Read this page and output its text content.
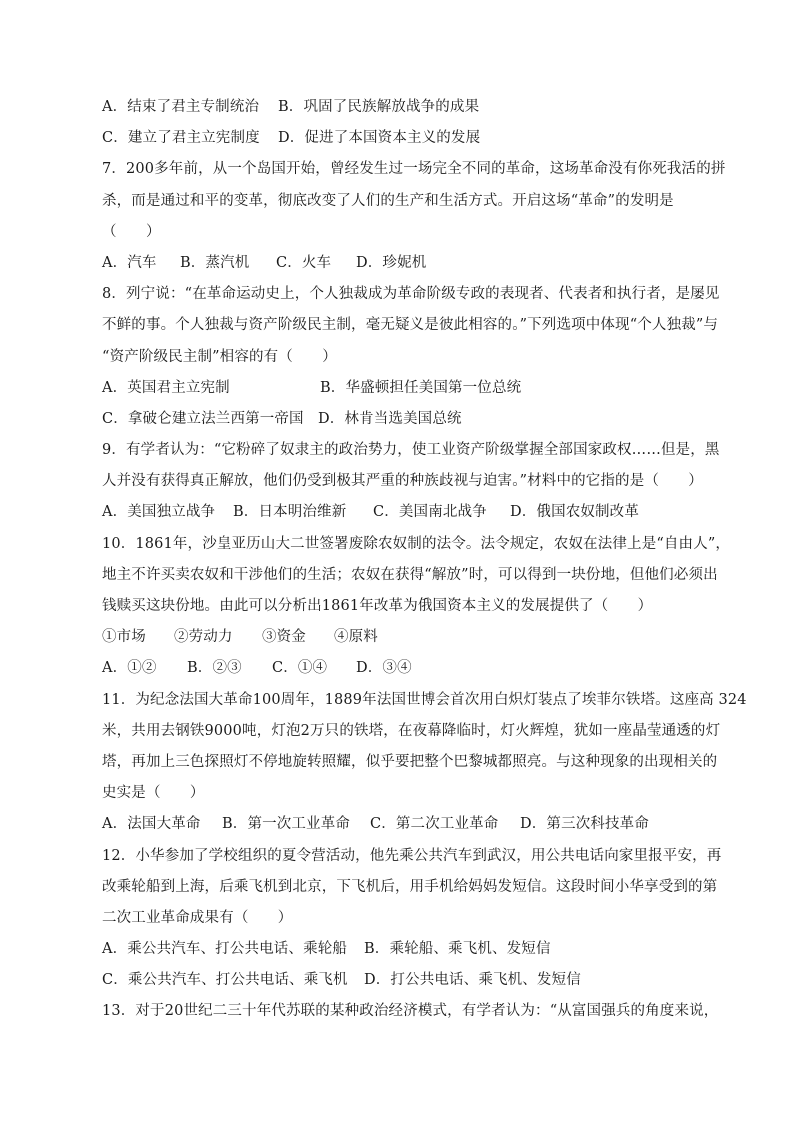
A．结束了君主专制统治	B．巩固了民族解放战争的成果
C．建立了君主立宪制度	D．促进了本国资本主义的发展
7．200多年前，从一个岛国开始，曾经发生过一场完全不同的革命，这场革命没有你死我活的拼
杀，而是通过和平的变革，彻底改变了人们的生产和生活方式。开启这场“革命”的发明是
（　　）
A．汽车	B．蒸汽机	C．火车	D．珍妮机
8．列宁说：“在革命运动史上，个人独裁成为革命阶级专政的表现者、代表者和执行者，是屡见
不鲜的事。个人独裁与资产阶级民主制，毫无疑义是彼此相容的。”下列选项中体现“个人独裁”与
“资产阶级民主制”相容的有（　　）
A．英国君主立宪制	B．华盛顿担任美国第一位总统
C．拿破仑建立法兰西第一帝国 D．林肯当选美国总统
9．有学者认为：“它粉碎了奴隶主的政治势力，使工业资产阶级掌握全部国家政权……但是，黑
人并没有获得真正解放，他们仍受到极其严重的种族歧视与迫害。”材料中的它指的是（　　）
A．美国独立战争	B．日本明治维新	C．美国南北战争	D．俄国农奴制改革
10．1861年，沙皇亚历山大二世签署废除农奴制的法令。法令规定，农奴在法律上是“自由人”，
地主不许买卖农奴和干涉他们的生活；农奴在获得“解放”时，可以得到一块份地，但他们必须出
钱赎买这块份地。由此可以分析出1861年改革为俄国资本主义的发展提供了（　　）
①市场	②劳动力	③资金	④原料
A．①②	B．②③	C．①④	D．③④
11．为纪念法国大革命100周年，1889年法国世博会首次用白炽灯装点了埃菲尔铁塔。这座高 324
米，共用去钢铁9000吨，灯泡2万只的铁塔，在夜幕降临时，灯火辉煌，犹如一座晶莹通透的灯
塔，再加上三色探照灯不停地旋转照耀，似乎要把整个巴黎城都照亮。与这种现象的出现相关的
史实是（　　）
A．法国大革命	B．第一次工业革命	C．第二次工业革命	D．第三次科技革命
12．小华参加了学校组织的夏令营活动，他先乘公共汽车到武汉，用公共电话向家里报平安，再
改乘轮船到上海，后乘飞机到北京，下飞机后，用手机给妈妈发短信。这段时间小华享受到的第
二次工业革命成果有（　　）
A．乘公共汽车、打公共电话、乘轮船	B．乘轮船、乘飞机、发短信
C．乘公共汽车、打公共电话、乘飞机	D．打公共电话、乘飞机、发短信
13．对于20世纪二三十年代苏联的某种政治经济模式，有学者认为：“从富国强兵的角度来说，
